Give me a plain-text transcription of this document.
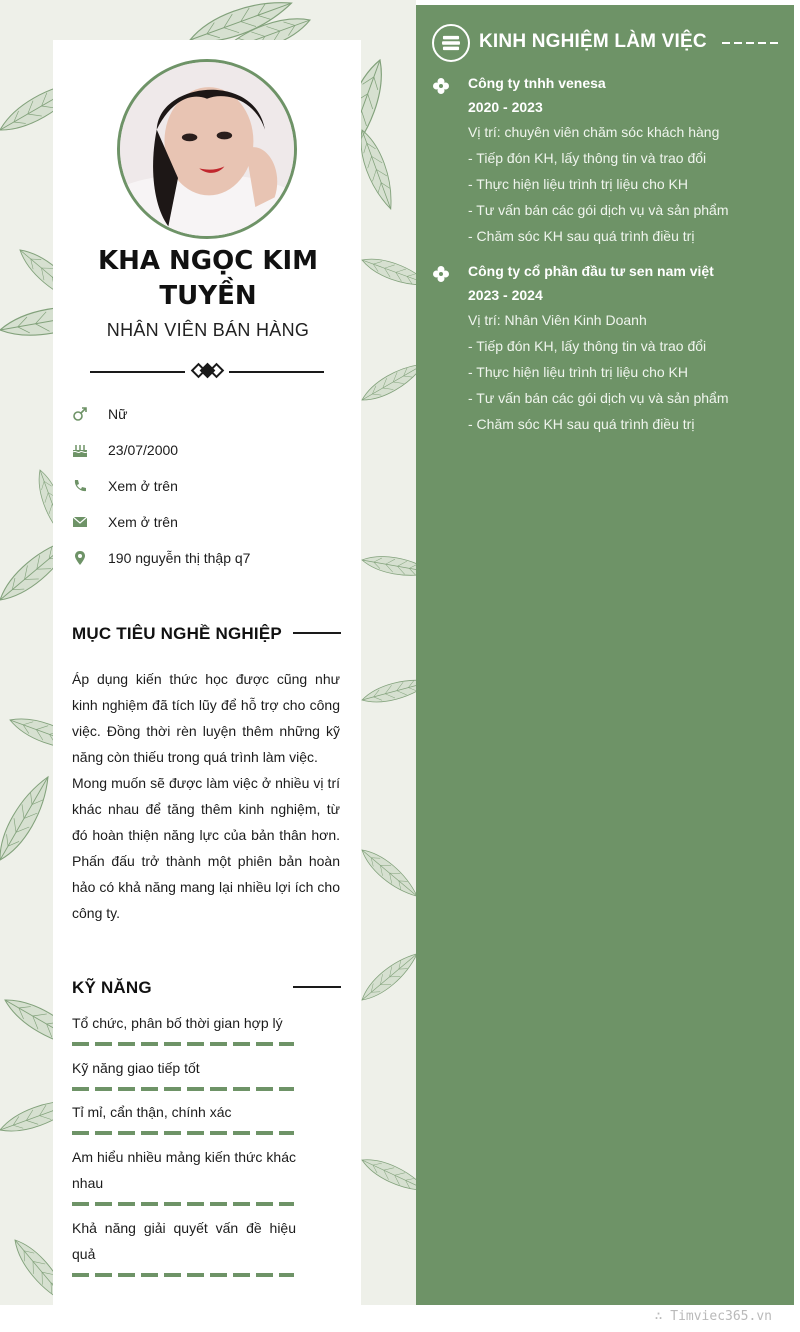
KHA NGỌC KIM TUYỀN
NHÂN VIÊN BÁN HÀNG
Nữ
23/07/2000
Xem ở trên
Xem ở trên
190 nguyễn thị thập q7
MỤC TIÊU NGHỀ NGHIỆP

Áp dụng kiến thức học được cũng như kinh nghiệm đã tích lũy để hỗ trợ cho công việc. Đồng thời rèn luyện thêm những kỹ năng còn thiếu trong quá trình làm việc.

Mong muốn sẽ được làm việc ở nhiều vị trí khác nhau để tăng thêm kinh nghiệm, từ đó hoàn thiện năng lực của bản thân hơn. Phấn đấu trở thành một phiên bản hoàn hảo có khả năng mang lại nhiều lợi ích cho công ty.

KỸ NĂNG
Tổ chức, phân bố thời gian hợp lý
Kỹ năng giao tiếp tốt
Tỉ mỉ, cẩn thận, chính xác
Am hiểu nhiều mảng kiến thức khác nhau
Khả năng giải quyết vấn đề hiệu quả
KINH NGHIỆM LÀM VIỆC
Công ty tnhh venesa
2020 - 2023
Vị trí: chuyên viên chăm sóc khách hàng
- Tiếp đón KH, lấy thông tin và trao đổi
- Thực hiện liệu trình trị liệu cho KH
- Tư vấn bán các gói dịch vụ và sản phẩm
- Chăm sóc KH sau quá trình điều trị
Công ty cổ phần đầu tư sen nam việt
2023 - 2024
Vị trí: Nhân Viên Kinh Doanh
- Tiếp đón KH, lấy thông tin và trao đổi
- Thực hiện liệu trình trị liệu cho KH
- Tư vấn bán các gói dịch vụ và sản phẩm
- Chăm sóc KH sau quá trình điều trị
∴ Timviec365.vn
